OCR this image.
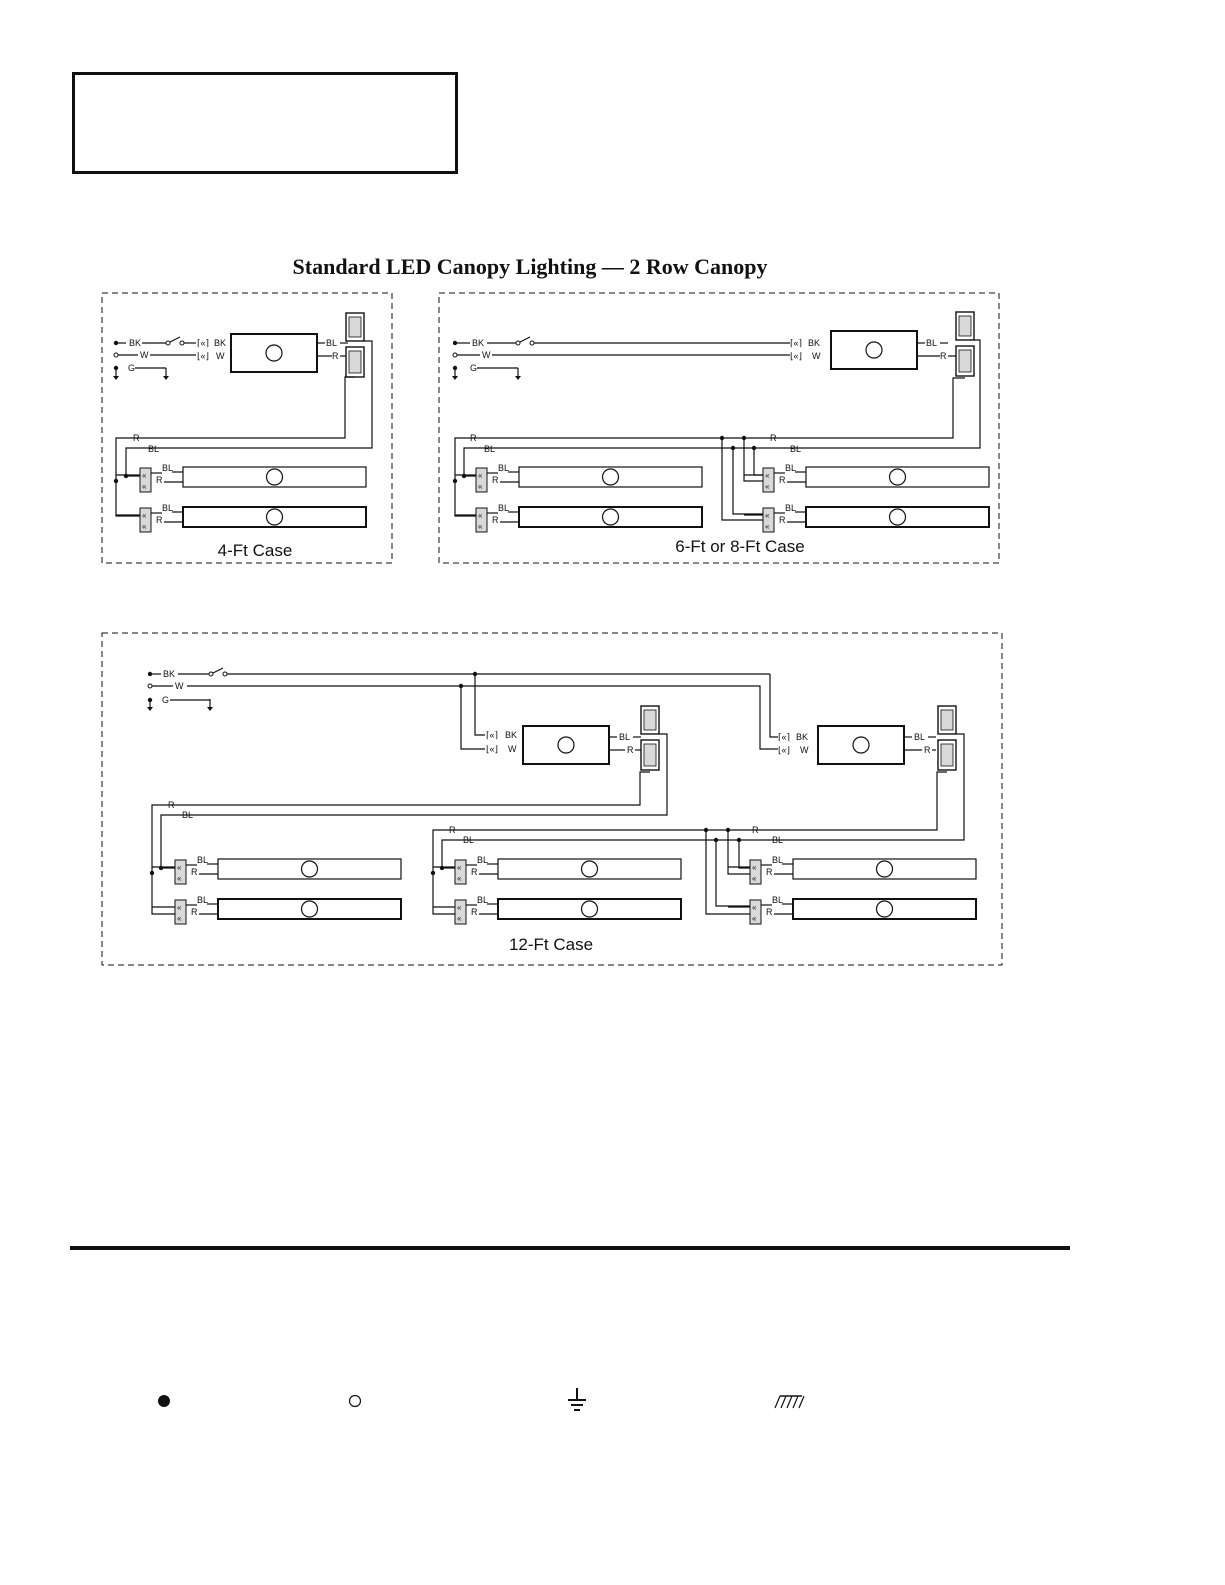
Standard LED Canopy Lighting — 2 Row Canopy
BK	⌈«⌉ BK
W	⌊«⌋ W
G
BL
R
R
BL
«
«
BL
R
«
«
BL
R
BK	⌈«⌉ BK
W	⌊«⌋ W
G
BL
R
R
BL
«
«
BL
R
«
«
BL
R
R
BL
«
«
BL
R
«
«
BL
R
BK
W
G
⌈«⌉ BK
⌊«⌋ W
BL
R
R
BL
«
«
BL
R
«
«
BL
R
⌈«⌉ BK
⌊«⌋ W
BL
R
R
BL
«
«
BL
R
«
«
BL
R
R
BL
«
«
BL
R
«
«
BL
R
4-Ft Case	6-Ft or 8-Ft Case
12-Ft Case
